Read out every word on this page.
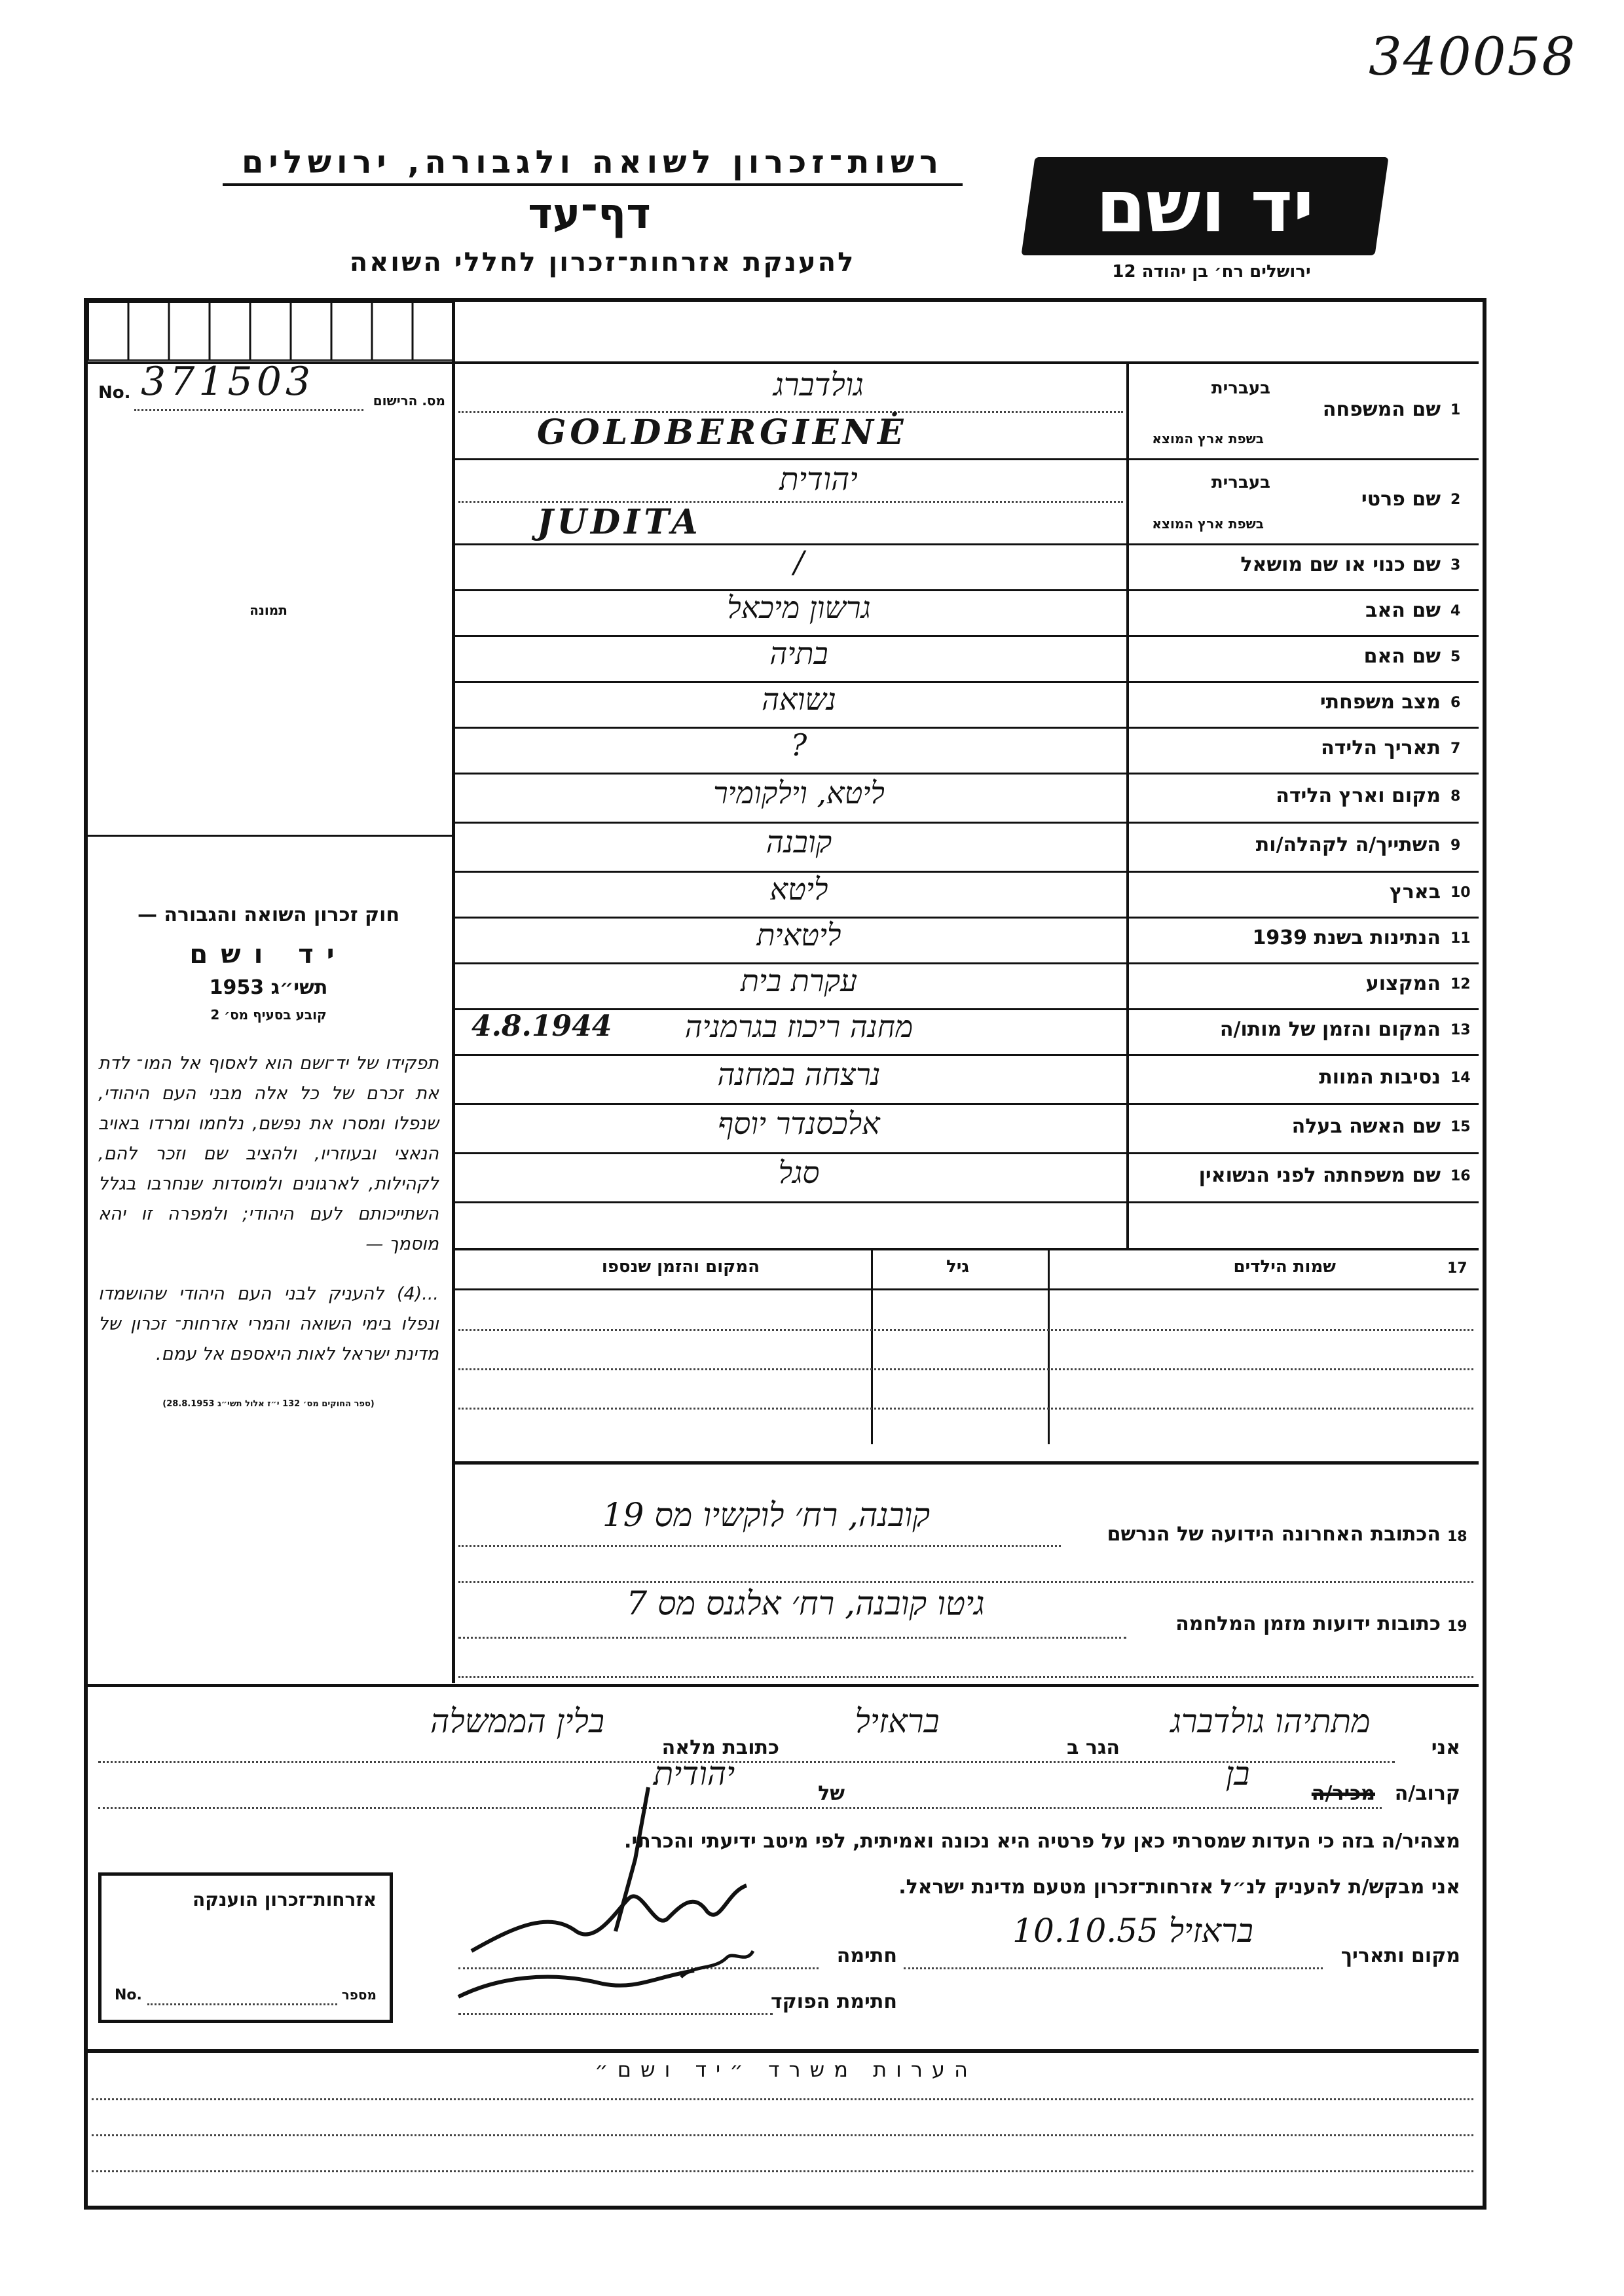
340058
רשות־זכרון לשואה ולגבורה, ירושלים
דף־עד
להענקת אזרחות־זכרון לחללי השואה
יד ושם
ירושלים רח׳ בן יהודה 12
No. 371503	מס. הרישום
תמונה
חוק זכרון השואה והגבורה —
יד ושם
תשי״ג 1953
קובע בסעיף מס׳ 2
תפקידו של יד־ושם הוא לאסוף אל המו־ לדת את זכרם של כל אלה מבני העם היהודי, שנפלו ומסרו את נפשם, נלחמו ומרדו באויב הנאצי ובעוזריו, ולהציב שם וזכר להם, לקהילות, לארגונים ולמוסדות שנחרבו בגלל השתייכותם לעם היהודי; ולמפרה זו יהא מוסמך —
...(4) להעניק לבני העם היהודי שהושמדו ונפלו בימי השואה והמרי אזרחות־ זכרון של מדינת ישראל לאות היאספם אל עמם.
(ספר החוקים מס׳ 132 י״ז אלול תשי״ג 28.8.1953)
1
שם המשפחה
בעברית
בשפת ארץ המוצא
גולדברג
GOLDBERGIENĖ
2
שם פרטי
בעברית
בשפת ארץ המוצא
יהודית
JUDITA
3
שם כנוי או שם מושאל
/
4
שם האב
גרשון מיכאל
5
שם האם
בתיה
6
מצב משפחתי
נשואה
7
תאריך הלידה
?
8
מקום וארץ הלידה
ליטא, וילקומיר
9
השתייך/ה לקהלה/ות
קובנה
10
בארץ
ליטא
11
הנתינות בשנת 1939
ליטאית
12
המקצוע
עקרת בית
13
המקום והזמן של מותו/ה
מחנה ריכוז בגרמניה
4.8.1944
14
נסיבות המוות
נרצחה במחנה
15
שם האשה בעלה
אלכסנדר יוסף
16
שם משפחתה לפני הנשואין
סגל
17
שמות הילדים
גיל
המקום והזמן שנספו
18
הכתובת האחרונה הידועה של הנרשם
קובנה, רח׳ לוקשיו מס 19
19
כתובות ידועות מזמן המלחמה
גיטו קובנה, רח׳ אלגנס מס 7
אני
מתתיהו גולדברג
הגר ב
בראזיל
כתובת מלאה
בלין הממשלה
קרוב/ה
מכיר/ה
בן
של
יהודית
מצהיר/ה בזה כי העדות שמסרתי כאן על פרטיה היא נכונה ואמיתית, לפי מיטב ידיעתי והכרתי.
אני מבקש/ת להעניק לנ״ל אזרחות־זכרון מטעם מדינת ישראל.
אזרחות־זכרון הוענקה
No.	מספר
מקום ותאריך
בראזיל 10.10.55
חתימה
חתימת הפוקד
הערות משרד ״יד ושם״
